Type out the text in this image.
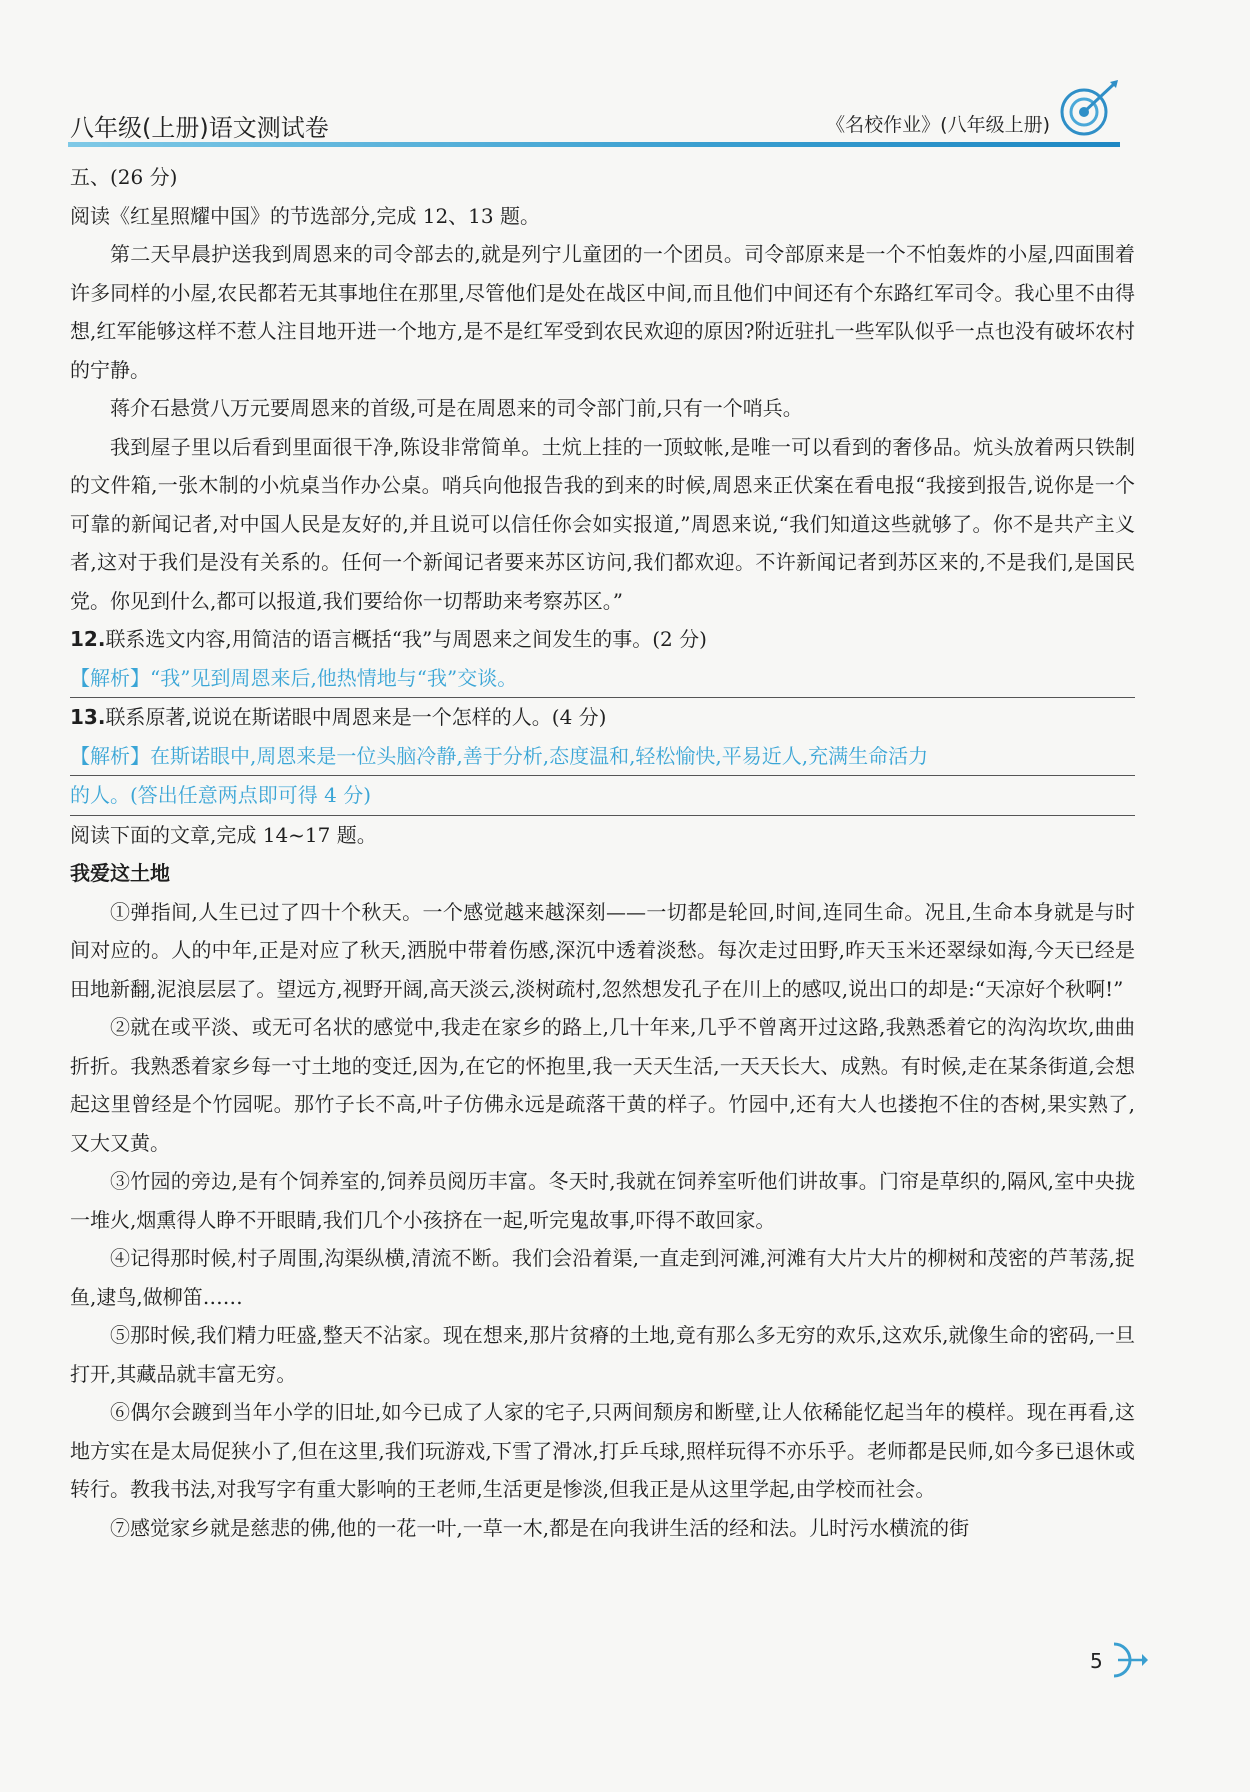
八年级(上册)语文测试卷	《名校作业》(八年级上册)

五、(26 分)

阅读《红星照耀中国》的节选部分,完成 12、13 题。

第二天早晨护送我到周恩来的司令部去的,就是列宁儿童团的一个团员。司令部原来是一个不怕轰炸的小屋,四面围着许多同样的小屋,农民都若无其事地住在那里,尽管他们是处在战区中间,而且他们中间还有个东路红军司令。我心里不由得想,红军能够这样不惹人注目地开进一个地方,是不是红军受到农民欢迎的原因?附近驻扎一些军队似乎一点也没有破坏农村的宁静。

蒋介石悬赏八万元要周恩来的首级,可是在周恩来的司令部门前,只有一个哨兵。

我到屋子里以后看到里面很干净,陈设非常简单。土炕上挂的一顶蚊帐,是唯一可以看到的奢侈品。炕头放着两只铁制的文件箱,一张木制的小炕桌当作办公桌。哨兵向他报告我的到来的时候,周恩来正伏案在看电报“我接到报告,说你是一个可靠的新闻记者,对中国人民是友好的,并且说可以信任你会如实报道,”周恩来说,“我们知道这些就够了。你不是共产主义者,这对于我们是没有关系的。任何一个新闻记者要来苏区访问,我们都欢迎。不许新闻记者到苏区来的,不是我们,是国民党。你见到什么,都可以报道,我们要给你一切帮助来考察苏区。”

12.联系选文内容,用简洁的语言概括“我”与周恩来之间发生的事。(2 分)

【解析】“我”见到周恩来后,他热情地与“我”交谈。

13.联系原著,说说在斯诺眼中周恩来是一个怎样的人。(4 分)

【解析】在斯诺眼中,周恩来是一位头脑冷静,善于分析,态度温和,轻松愉快,平易近人,充满生命活力
的人。(答出任意两点即可得 4 分)

阅读下面的文章,完成 14~17 题。

我爱这土地

①弹指间,人生已过了四十个秋天。一个感觉越来越深刻——一切都是轮回,时间,连同生命。况且,生命本身就是与时间对应的。人的中年,正是对应了秋天,洒脱中带着伤感,深沉中透着淡愁。每次走过田野,昨天玉米还翠绿如海,今天已经是田地新翻,泥浪层层了。望远方,视野开阔,高天淡云,淡树疏村,忽然想发孔子在川上的感叹,说出口的却是:“天凉好个秋啊!”

②就在或平淡、或无可名状的感觉中,我走在家乡的路上,几十年来,几乎不曾离开过这路,我熟悉着它的沟沟坎坎,曲曲折折。我熟悉着家乡每一寸土地的变迁,因为,在它的怀抱里,我一天天生活,一天天长大、成熟。有时候,走在某条街道,会想起这里曾经是个竹园呢。那竹子长不高,叶子仿佛永远是疏落干黄的样子。竹园中,还有大人也搂抱不住的杏树,果实熟了,又大又黄。

③竹园的旁边,是有个饲养室的,饲养员阅历丰富。冬天时,我就在饲养室听他们讲故事。门帘是草织的,隔风,室中央拢一堆火,烟熏得人睁不开眼睛,我们几个小孩挤在一起,听完鬼故事,吓得不敢回家。

④记得那时候,村子周围,沟渠纵横,清流不断。我们会沿着渠,一直走到河滩,河滩有大片大片的柳树和茂密的芦苇荡,捉鱼,逮鸟,做柳笛……

⑤那时候,我们精力旺盛,整天不沾家。现在想来,那片贫瘠的土地,竟有那么多无穷的欢乐,这欢乐,就像生命的密码,一旦打开,其藏品就丰富无穷。

⑥偶尔会踱到当年小学的旧址,如今已成了人家的宅子,只两间颓房和断壁,让人依稀能忆起当年的模样。现在再看,这地方实在是太局促狭小了,但在这里,我们玩游戏,下雪了滑冰,打乒乓球,照样玩得不亦乐乎。老师都是民师,如今多已退休或转行。教我书法,对我写字有重大影响的王老师,生活更是惨淡,但我正是从这里学起,由学校而社会。

⑦感觉家乡就是慈悲的佛,他的一花一叶,一草一木,都是在向我讲生活的经和法。儿时污水横流的街

5
